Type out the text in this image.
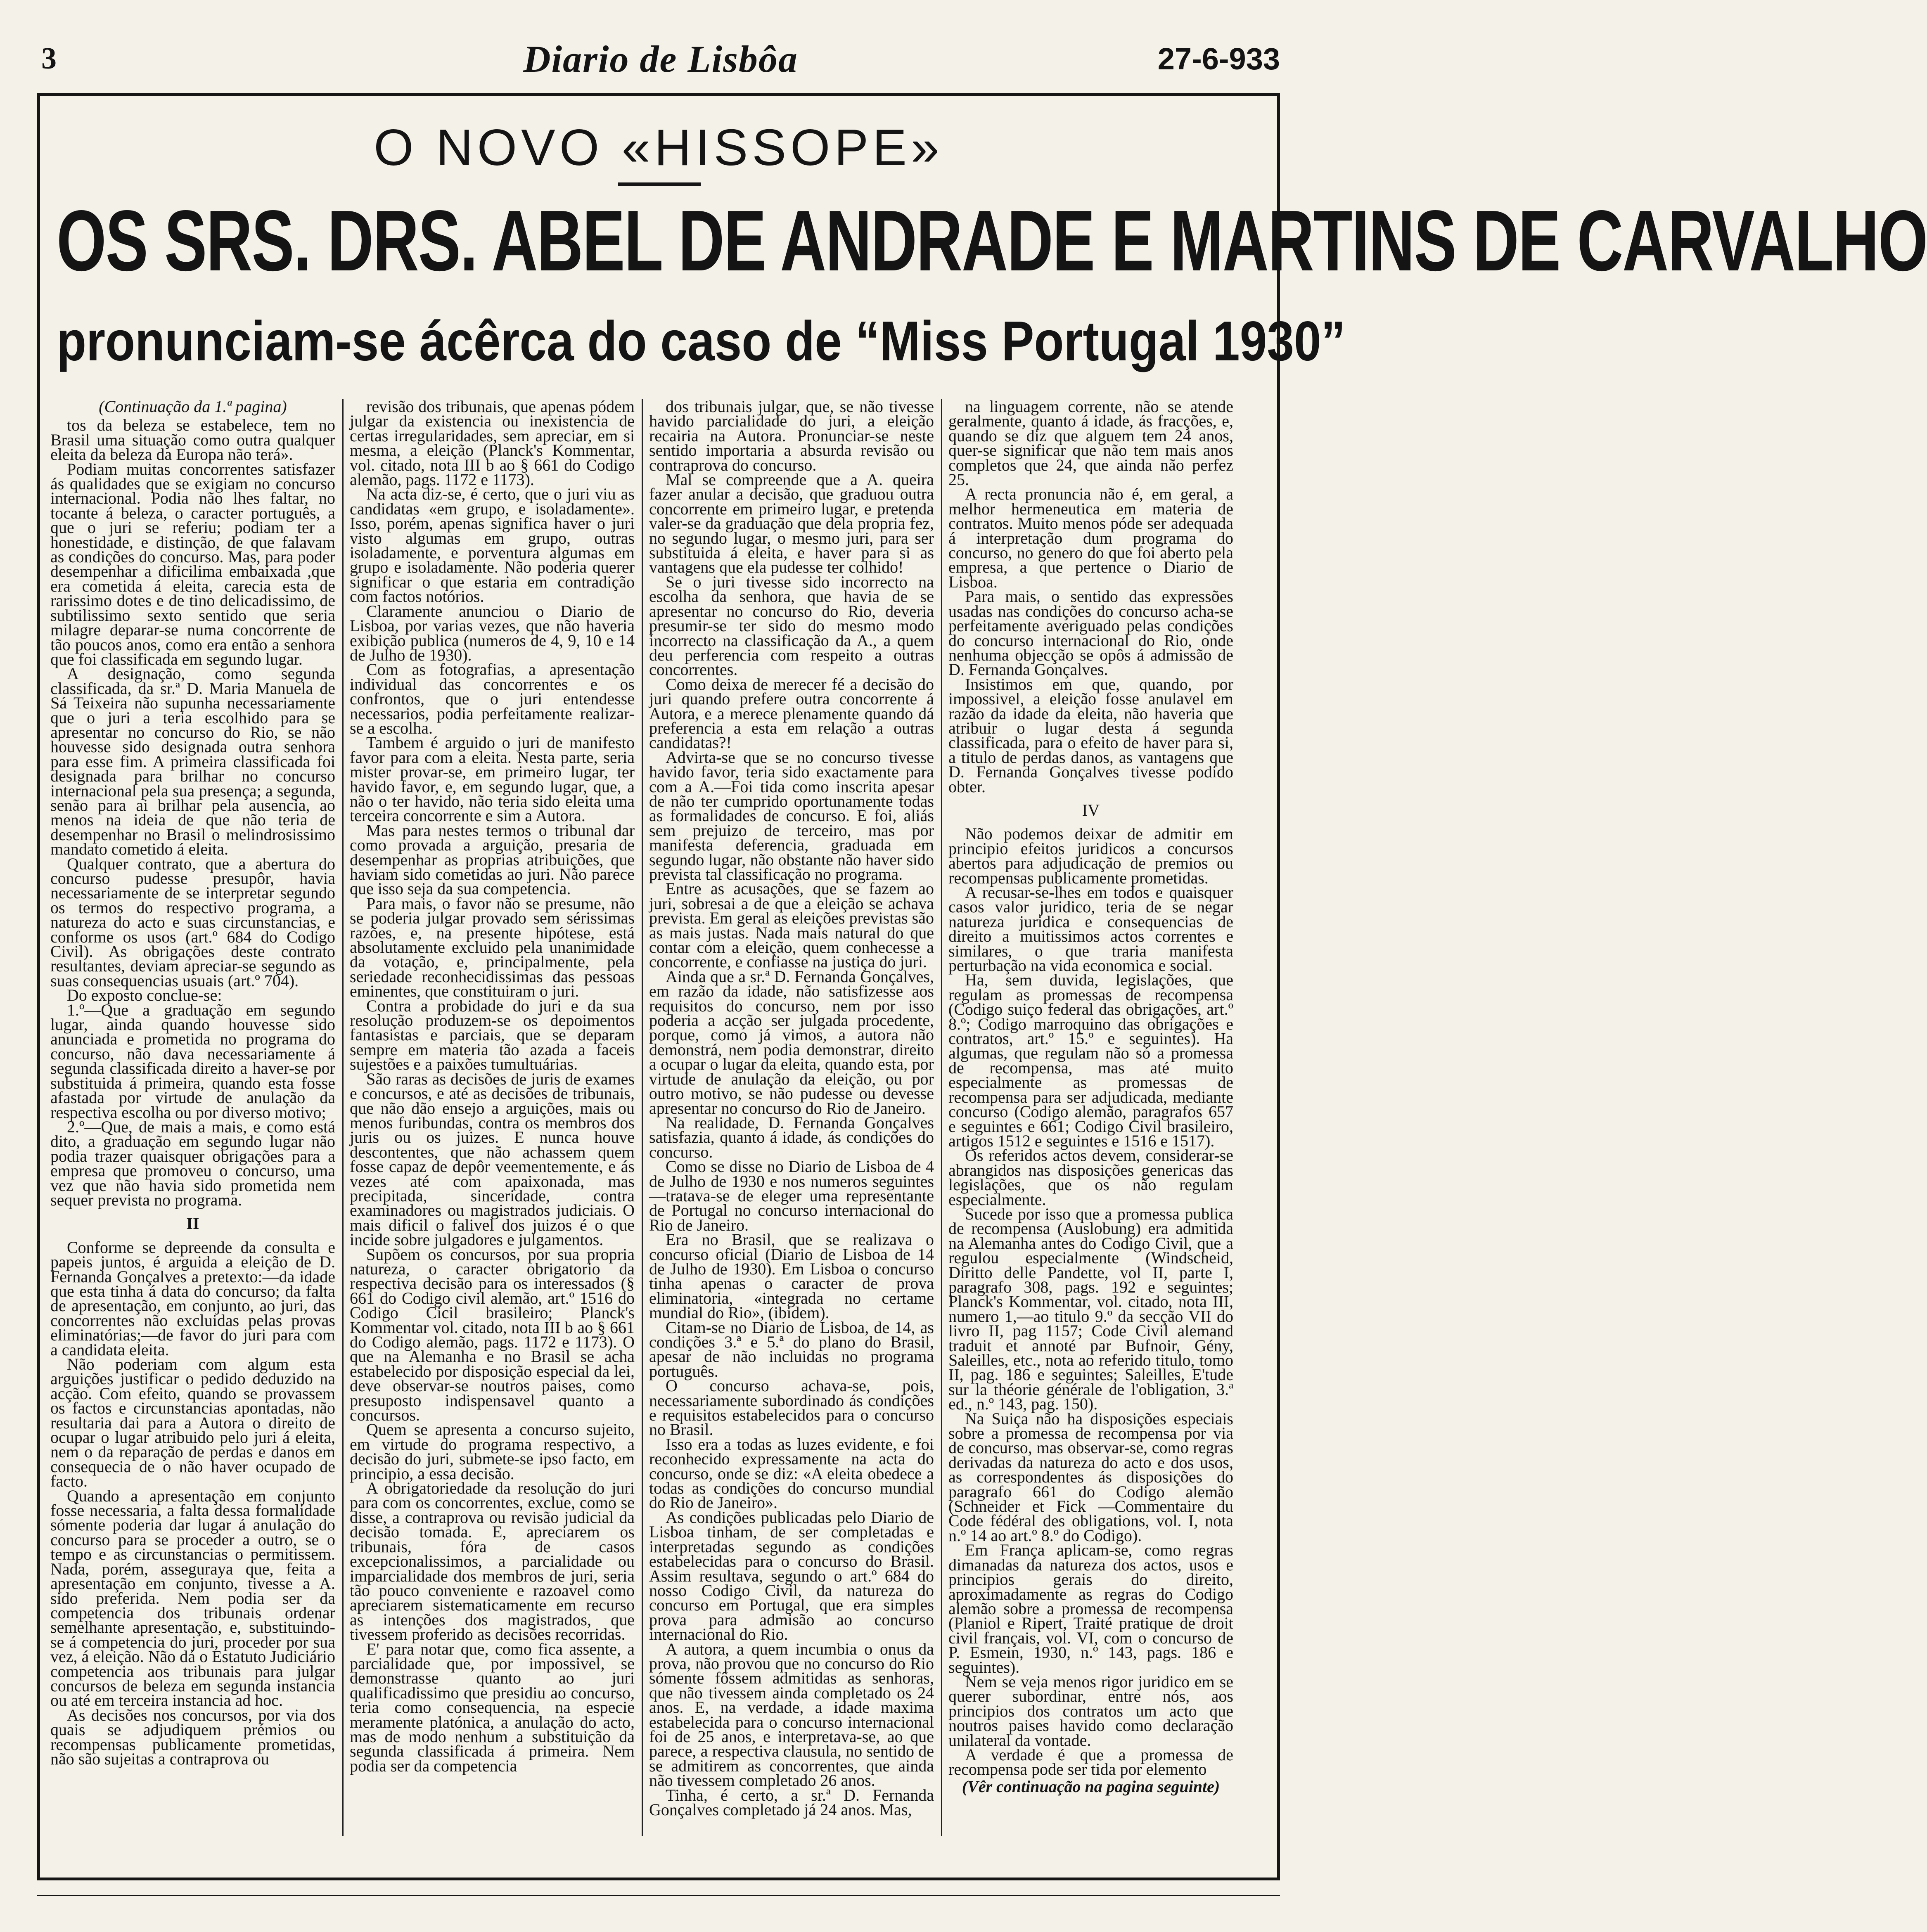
3	Diario de Lisbôa	27-6-933
O NOVO «HISSOPE»
OS SRS. DRS. ABEL DE ANDRADE E MARTINS DE CARVALHO
pronunciam-se ácêrca do caso de “Miss Portugal 1930”

(Continuação da 1.ª pagina)

tos da beleza se estabelece, tem no Brasil uma situação como outra qualquer eleita da beleza da Europa não terá».

Podiam muitas concorrentes satisfazer ás qualidades que se exigiam no concurso internacional. Podia não lhes faltar, no tocante á beleza, o caracter português, a que o juri se referiu; podiam ter a honestidade, e distinção, de que falavam as condições do concurso. Mas, para poder desempenhar a dificilima embaixada ,que era cometida á eleita, carecia esta de rarissimo dotes e de tino delicadissimo, de subtilissimo sexto sentido que seria milagre deparar-se numa concorrente de tão poucos anos, como era então a senhora que foi classificada em segundo lugar.

A designação, como segunda classificada, da sr.ª D. Maria Manuela de Sá Teixeira não supunha necessariamente que o juri a teria escolhido para se apresentar no concurso do Rio, se não houvesse sido designada outra senhora para esse fim. A primeira classificada foi designada para brilhar no concurso internacional pela sua presença; a segunda, senão para ai brilhar pela ausencia, ao menos na ideia de que não teria de desempenhar no Brasil o melindrosissimo mandato cometido á eleita.

Qualquer contrato, que a abertura do concurso pudesse presupôr, havia necessariamente de se interpretar segundo os termos do respectivo programa, a natureza do acto e suas circunstancias, e conforme os usos (art.º 684 do Codigo Civil). As obrigações deste contrato resultantes, deviam apreciar-se segundo as suas consequencias usuais (art.º 704).

Do exposto conclue-se:

1.º—Que a graduação em segundo lugar, ainda quando houvesse sido anunciada e prometida no programa do concurso, não dava necessariamente á segunda classificada direito a haver-se por substituida á primeira, quando esta fosse afastada por virtude de anulação da respectiva escolha ou por diverso motivo;

2.º—Que, de mais a mais, e como está dito, a graduação em segundo lugar não podia trazer quaisquer obrigações para a empresa que promoveu o concurso, uma vez que não havia sido prometida nem sequer prevista no programa.

II

Conforme se depreende da consulta e papeis juntos, é arguida a eleição de D. Fernanda Gonçalves a pretexto:—da idade que esta tinha á data do concurso; da falta de apresentação, em conjunto, ao juri, das concorrentes não excluidas pelas provas eliminatórias;—de favor do juri para com a candidata eleita.

Não poderiam com algum esta arguições justificar o pedido deduzido na acção. Com efeito, quando se provassem os factos e circunstancias apontadas, não resultaria dai para a Autora o direito de ocupar o lugar atribuido pelo juri á eleita, nem o da reparação de perdas e danos em consequecia de o não haver ocupado de facto.

Quando a apresentação em conjunto fosse necessaria, a falta dessa formalidade sómente poderia dar lugar á anulação do concurso para se proceder a outro, se o tempo e as circunstancias o permitissem. Nada, porém, asseguraya que, feita a apresentação em conjunto, tivesse a A. sido preferida. Nem podia ser da competencia dos tribunais ordenar semelhante apresentação, e, substituindo-se á competencia do juri, proceder por sua vez, á eleição. Não dá o Estatuto Judiciário competencia aos tribunais para julgar concursos de beleza em segunda instancia ou até em terceira instancia ad hoc.

As decisões nos concursos, por via dos quais se adjudiquem prémios ou recompensas publicamente prometidas, não são sujeitas a contraprova ou

revisão dos tribunais, que apenas pódem julgar da existencia ou inexistencia de certas irregularidades, sem apreciar, em si mesma, a eleição (Planck's Kommentar, vol. citado, nota III b ao § 661 do Codigo alemão, pags. 1172 e 1173).

Na acta diz-se, é certo, que o juri viu as candidatas «em grupo, e isoladamente». Isso, porém, apenas significa haver o juri visto algumas em grupo, outras isoladamente, e porventura algumas em grupo e isoladamente. Não poderia querer significar o que estaria em contradição com factos notórios.

Claramente anunciou o Diario de Lisboa, por varias vezes, que não haveria exibição publica (numeros de 4, 9, 10 e 14 de Julho de 1930).

Com as fotografias, a apresentação individual das concorrentes e os confrontos, que o juri entendesse necessarios, podia perfeitamente realizar-se a escolha.

Tambem é arguido o juri de manifesto favor para com a eleita. Nesta parte, seria mister provar-se, em primeiro lugar, ter havido favor, e, em segundo lugar, que, a não o ter havido, não teria sido eleita uma terceira concorrente e sim a Autora.

Mas para nestes termos o tribunal dar como provada a arguição, presaria de desempenhar as proprias atribuições, que haviam sido cometidas ao juri. Não parece que isso seja da sua competencia.

Para mais, o favor não se presume, não se poderia julgar provado sem sérissimas razões, e, na presente hipótese, está absolutamente excluido pela unanimidade da votação, e, principalmente, pela seriedade reconhecidissimas das pessoas eminentes, que constituiram o juri.

Contra a probidade do juri e da sua resolução produzem-se os depoimentos fantasistas e parciais, que se deparam sempre em materia tão azada a faceis sujestões e a paixões tumultuárias.

São raras as decisões de juris de exames e concursos, e até as decisões de tribunais, que não dão ensejo a arguições, mais ou menos furibundas, contra os membros dos juris ou os juizes. E nunca houve descontentes, que não achassem quem fosse capaz de depôr veementemente, e ás vezes até com apaixonada, mas precipitada, sinceridade, contra examinadores ou magistrados judiciais. O mais dificil o falivel dos juizos é o que incide sobre julgadores e julgamentos.

Supõem os concursos, por sua propria natureza, o caracter obrigatorio da respectiva decisão para os interessados (§ 661 do Codigo civil alemão, art.º 1516 do Codigo Cicil brasileiro; Planck's Kommentar vol. citado, nota III b ao § 661 do Codigo alemão, pags. 1172 e 1173). O que na Alemanha e no Brasil se acha estabelecido por disposição especial da lei, deve observar-se noutros paises, como presuposto indispensavel quanto a concursos.

Quem se apresenta a concurso sujeito, em virtude do programa respectivo, a decisão do juri, submete-se ipso facto, em principio, a essa decisão.

A obrigatoriedade da resolução do juri para com os concorrentes, exclue, como se disse, a contraprova ou revisão judicial da decisão tomada. E, apreciarem os tribunais, fóra de casos excepcionalissimos, a parcialidade ou imparcialidade dos membros de juri, seria tão pouco conveniente e razoavel como apreciarem sistematicamente em recurso as intenções dos magistrados, que tivessem proferido as decisões recorridas.

E' para notar que, como fica assente, a parcialidade que, por impossivel, se demonstrasse quanto ao juri qualificadissimo que presidiu ao concurso, teria como consequencia, na especie meramente platónica, a anulação do acto, mas de modo nenhum a substituição da segunda classificada á primeira. Nem podia ser da competencia

dos tribunais julgar, que, se não tivesse havido parcialidade do juri, a eleição recairia na Autora. Pronunciar-se neste sentido importaria a absurda revisão ou contraprova do concurso.

Mal se compreende que a A. queira fazer anular a decisão, que graduou outra concorrente em primeiro lugar, e pretenda valer-se da graduação que dela propria fez, no segundo lugar, o mesmo juri, para ser substituida á eleita, e haver para si as vantagens que ela pudesse ter colhido!

Se o juri tivesse sido incorrecto na escolha da senhora, que havia de se apresentar no concurso do Rio, deveria presumir-se ter sido do mesmo modo incorrecto na classificação da A., a quem deu perferencia com respeito a outras concorrentes.

Como deixa de merecer fé a decisão do juri quando prefere outra concorrente á Autora, e a merece plenamente quando dá preferencia a esta em relação a outras candidatas?!

Advirta-se que se no concurso tivesse havido favor, teria sido exactamente para com a A.—Foi tida como inscrita apesar de não ter cumprido oportunamente todas as formalidades de concurso. E foi, aliás sem prejuizo de terceiro, mas por manifesta deferencia, graduada em segundo lugar, não obstante não haver sido prevista tal classificação no programa.

Entre as acusações, que se fazem ao juri, sobresai a de que a eleição se achava prevista. Em geral as eleições previstas são as mais justas. Nada mais natural do que contar com a eleição, quem conhecesse a concorrente, e confiasse na justiça do juri.

Ainda que a sr.ª D. Fernanda Gonçalves, em razão da idade, não satisfizesse aos requisitos do concurso, nem por isso poderia a acção ser julgada procedente, porque, como já vimos, a autora não demonstrá, nem podia demonstrar, direito a ocupar o lugar da eleita, quando esta, por virtude de anulação da eleição, ou por outro motivo, se não pudesse ou devesse apresentar no concurso do Rio de Janeiro.

Na realidade, D. Fernanda Gonçalves satisfazia, quanto á idade, ás condições do concurso.

Como se disse no Diario de Lisboa de 4 de Julho de 1930 e nos numeros seguintes—tratava-se de eleger uma representante de Portugal no concurso internacional do Rio de Janeiro.

Era no Brasil, que se realizava o concurso oficial (Diario de Lisboa de 14 de Julho de 1930). Em Lisboa o concurso tinha apenas o caracter de prova eliminatoria, «integrada no certame mundial do Rio», (ibidem).

Citam-se no Diario de Lisboa, de 14, as condições 3.ª e 5.ª do plano do Brasil, apesar de não incluidas no programa português.

O concurso achava-se, pois, necessariamente subordinado ás condições e requisitos estabelecidos para o concurso no Brasil.

Isso era a todas as luzes evidente, e foi reconhecido expressamente na acta do concurso, onde se diz: «A eleita obedece a todas as condições do concurso mundial do Rio de Janeiro».

As condições publicadas pelo Diario de Lisboa tinham, de ser completadas e interpretadas segundo as condições estabelecidas para o concurso do Brasil. Assim resultava, segundo o art.º 684 do nosso Codigo Civil, da natureza do concurso em Portugal, que era simples prova para admisão ao concurso internacional do Rio.

A autora, a quem incumbia o onus da prova, não provou que no concurso do Rio sómente fôssem admitidas as senhoras, que não tivessem ainda completado os 24 anos. E, na verdade, a idade maxima estabelecida para o concurso internacional foi de 25 anos, e interpretava-se, ao que parece, a respectiva clausula, no sentido de se admitirem as concorrentes, que ainda não tivessem completado 26 anos.

Tinha, é certo, a sr.ª D. Fernanda Gonçalves completado já 24 anos. Mas,

na linguagem corrente, não se atende geralmente, quanto á idade, ás fracções, e, quando se diz que alguem tem 24 anos, quer-se significar que não tem mais anos completos que 24, que ainda não perfez 25.

A recta pronuncia não é, em geral, a melhor hermeneutica em materia de contratos. Muito menos póde ser adequada á interpretação dum programa do concurso, no genero do que foi aberto pela empresa, a que pertence o Diario de Lisboa.

Para mais, o sentido das expressões usadas nas condições do concurso acha-se perfeitamente averiguado pelas condições do concurso internacional do Rio, onde nenhuma objecção se opôs á admissão de D. Fernanda Gonçalves.

Insistimos em que, quando, por impossivel, a eleição fosse anulavel em razão da idade da eleita, não haveria que atribuir o lugar desta á segunda classificada, para o efeito de haver para si, a titulo de perdas danos, as vantagens que D. Fernanda Gonçalves tivesse podido obter.

IV

Não podemos deixar de admitir em principio efeitos juridicos a concursos abertos para adjudicação de premios ou recompensas publicamente prometidas.

A recusar-se-lhes em todos e quaisquer casos valor juridico, teria de se negar natureza juridica e consequencias de direito a muitissimos actos correntes e similares, o que traria manifesta perturbação na vida economica e social.

Ha, sem duvida, legislações, que regulam as promessas de recompensa (Codigo suiço federal das obrigações, art.º 8.º; Codigo marroquino das obrigações e contratos, art.º 15.º e seguintes). Ha algumas, que regulam não só a promessa de recompensa, mas até muito especialmente as promessas de recompensa para ser adjudicada, mediante concurso (Codigo alemão, paragrafos 657 e seguintes e 661; Codigo Civil brasileiro, artigos 1512 e seguintes e 1516 e 1517).

Os referidos actos devem, considerar-se abrangidos nas disposições genericas das legislações, que os não regulam especialmente.

Sucede por isso que a promessa publica de recompensa (Auslobung) era admitida na Alemanha antes do Codigo Civil, que a regulou especialmente (Windscheid, Diritto delle Pandette, vol II, parte I, paragrafo 308, pags. 192 e seguintes; Planck's Kommentar, vol. citado, nota III, numero 1,—ao titulo 9.º da secção VII do livro II, pag 1157; Code Civil alemand traduit et annoté par Bufnoir, Gény, Saleilles, etc., nota ao referido titulo, tomo II, pag. 186 e seguintes; Saleilles, E'tude sur la théorie générale de l'obligation, 3.ª ed., n.º 143, pag. 150).

Na Suiça não ha disposições especiais sobre a promessa de recompensa por via de concurso, mas observar-se, como regras derivadas da natureza do acto e dos usos, as correspondentes ás disposições do paragrafo 661 do Codigo alemão (Schneider et Fick —Commentaire du Code fédéral des obligations, vol. I, nota n.º 14 ao art.º 8.º do Codigo).

Em França aplicam-se, como regras dimanadas da natureza dos actos, usos e principios gerais do direito, aproximadamente as regras do Codigo alemão sobre a promessa de recompensa (Planiol e Ripert, Traité pratique de droit civil français, vol. VI, com o concurso de P. Esmein, 1930, n.º 143, pags. 186 e seguintes).

Nem se veja menos rigor juridico em se querer subordinar, entre nós, aos principios dos contratos um acto que noutros paises havido como declaração unilateral da vontade.

A verdade é que a promessa de recompensa pode ser tida por elemento

(Vêr continuação na pagina seguinte)
